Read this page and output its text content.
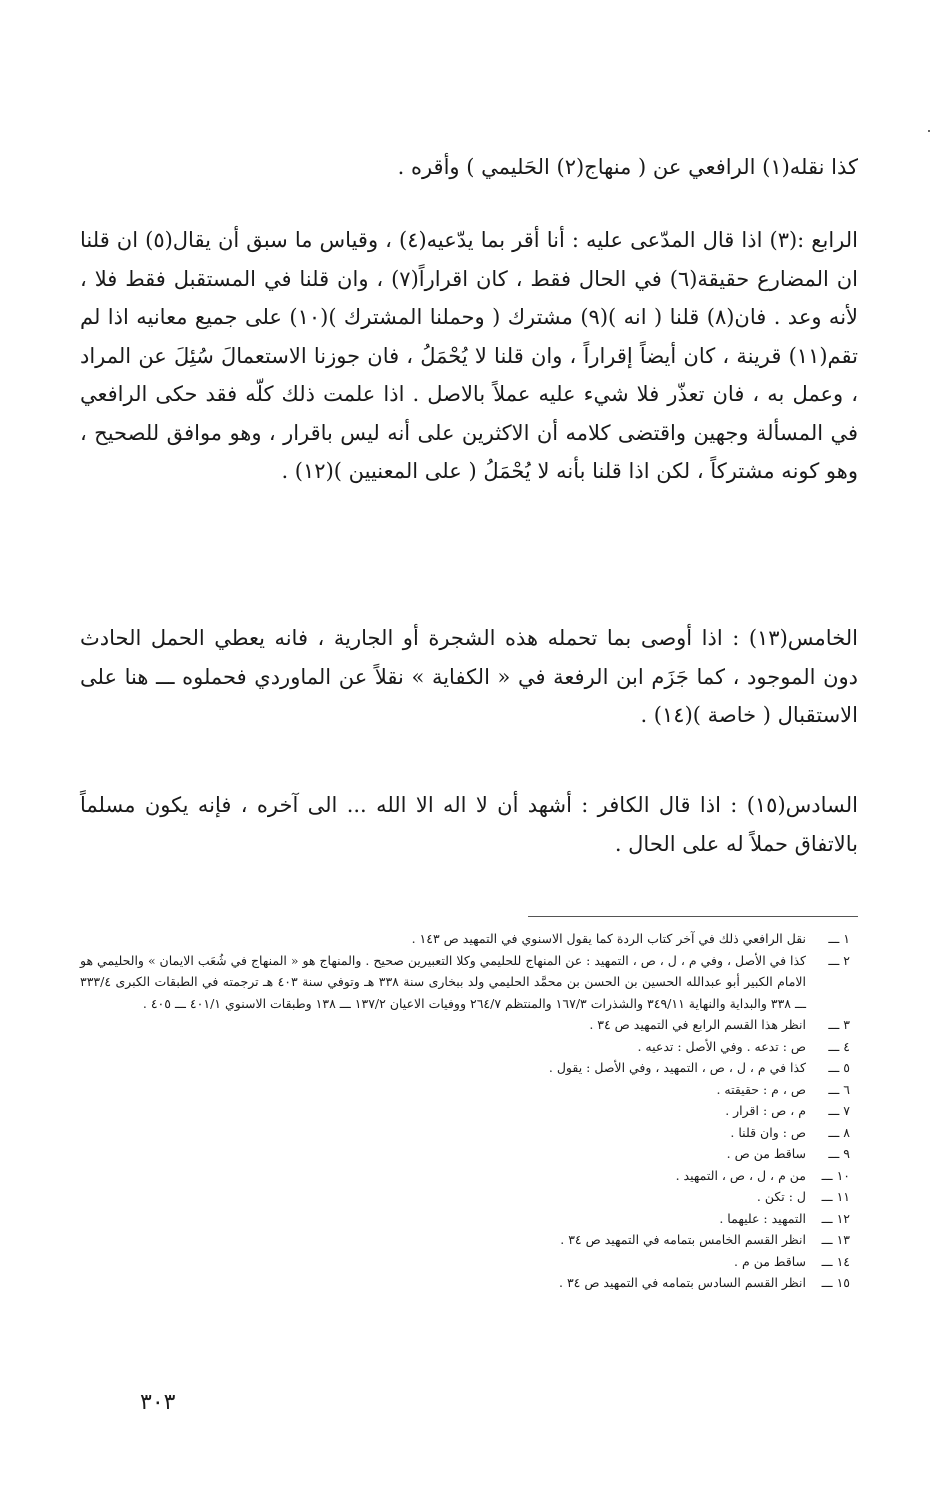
كذا نقله(١) الرافعي عن ( منهاج(٢) الحَليمي ) وأقره .

الرابع :(٣) اذا قال المدّعى عليه : أنا أقر بما يدّعيه(٤) ، وقياس ما سبق أن يقال(٥) ان قلنا ان المضارع حقيقة(٦) في الحال فقط ، كان اقراراً(٧) ، وان قلنا في المستقبل فقط فلا ، لأنه وعد . فان(٨) قلنا ( انه )(٩) مشترك ( وحملنا المشترك )(١٠) على جميع معانيه اذا لم تقم(١١) قرينة ، كان أيضاً إقراراً ، وان قلنا لا يُحْمَلُ ، فان جوزنا الاستعمالَ سُئِلَ عن المراد ، وعمل به ، فان تعذّر فلا شيء عليه عملاً بالاصل . اذا علمت ذلك كلّه فقد حكى الرافعي في المسألة وجهين واقتضى كلامه أن الاكثرين على أنه ليس باقرار ، وهو موافق للصحيح ، وهو كونه مشتركاً ، لكن اذا قلنا بأنه لا يُحْمَلُ ( على المعنيين )(١٢) .

الخامس(١٣) : اذا أوصى بما تحمله هذه الشجرة أو الجارية ، فانه يعطي الحمل الحادث دون الموجود ، كما جَزَم ابن الرفعة في « الكفاية » نقلاً عن الماوردي فحملوه ـــ هنا على الاستقبال ( خاصة )(١٤) .

السادس(١٥) : اذا قال الكافر : أشهد أن لا اله الا الله ... الى آخره ، فإنه يكون مسلماً بالاتفاق حملاً له على الحال .

١ ـــ
نقل الرافعي ذلك في آخر كتاب الردة كما يقول الاسنوي في التمهيد ص ١٤٣ .
٢ ـــ
كذا في الأصل ، وفي م ، ل ، ص ، التمهيد : عن المنهاج للحليمي وكلا التعبيرين صحيح . والمنهاج هو « المنهاج في شُعَب الايمان » والحليمي هو الامام الكبير أبو عبدالله الحسين بن الحسن بن محمَّد الحليمي ولد ببخارى سنة ٣٣٨ هـ وتوفي سنة ٤٠٣ هـ ترجمته في الطبقات الكبرى ٣٣٣/٤ ـــ ٣٣٨ والبداية والنهاية ٣٤٩/١١ والشذرات ١٦٧/٣ والمنتظم ٢٦٤/٧ ووفيات الاعيان ١٣٧/٢ ـــ ١٣٨ وطبقات الاسنوي ٤٠١/١ ـــ ٤٠٥ .
٣ ـــ
انظر هذا القسم الرابع في التمهيد ص ٣٤ .
٤ ـــ
ص : تدعه . وفي الأصل : تدعيه .
٥ ـــ
كذا في م ، ل ، ص ، التمهيد ، وفي الأصل : يقول .
٦ ـــ
ص ، م : حقيقته .
٧ ـــ
م ، ص : اقرار .
٨ ـــ
ص : وان قلنا .
٩ ـــ
ساقط من ص .
١٠ ـــ
من م ، ل ، ص ، التمهيد .
١١ ـــ
ل : تكن .
١٢ ـــ
التمهيد : عليهما .
١٣ ـــ
انظر القسم الخامس بتمامه في التمهيد ص ٣٤ .
١٤ ـــ
ساقط من م .
١٥ ـــ
انظر القسم السادس بتمامه في التمهيد ص ٣٤ .
٣٠٣
